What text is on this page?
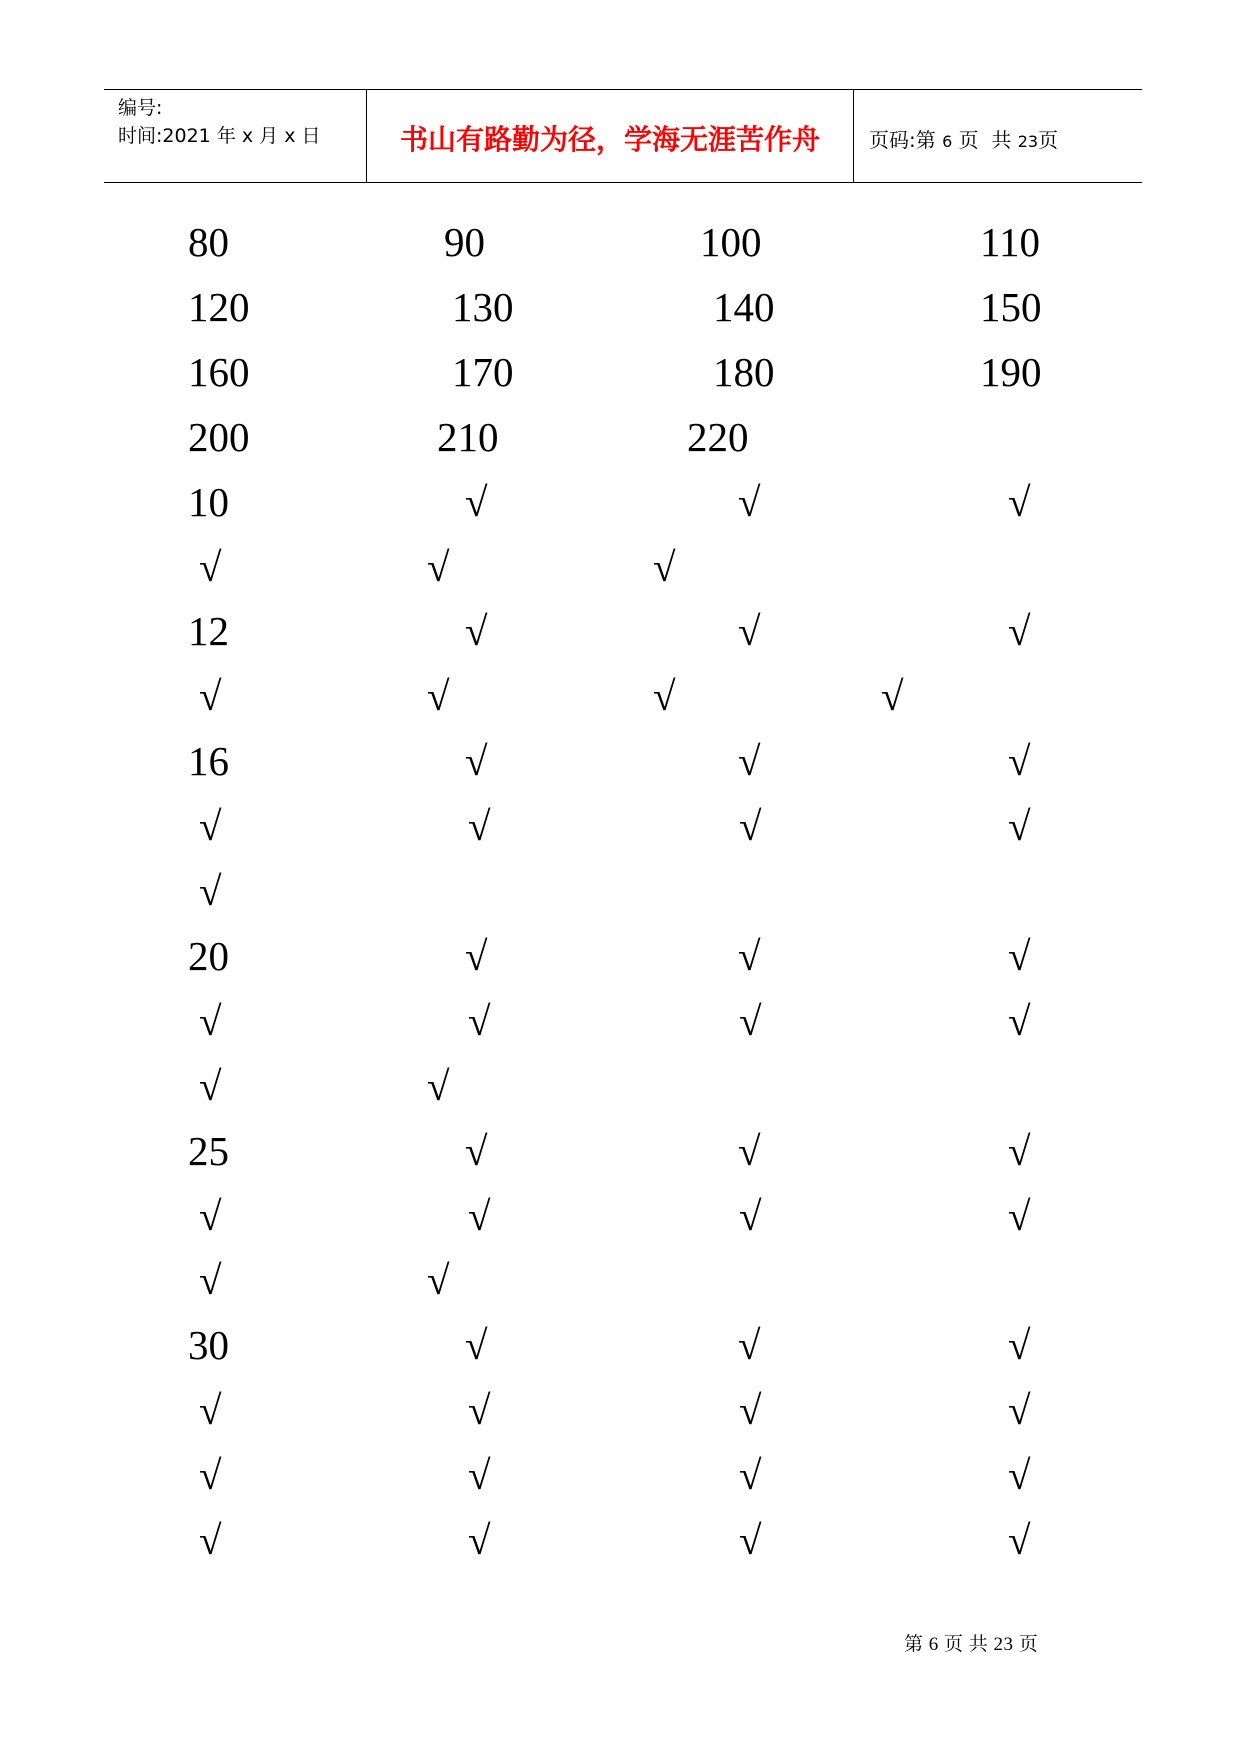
编号:
时间:2021 年 x 月 x 日	书山有路勤为径，学海无涯苦作舟	页码:第 6 页 共 23页
80	90	100	110
120	130	140	150
160	170	180	190
200	210	220
10	√	√	√
√	√	√
12	√	√	√
√	√	√	√
16	√	√	√
√	√	√	√
√
20	√	√	√
√	√	√	√
√	√
25	√	√	√
√	√	√	√
√	√
30	√	√	√
√	√	√	√
√	√	√	√
√	√	√	√
第 6 页 共 23 页
